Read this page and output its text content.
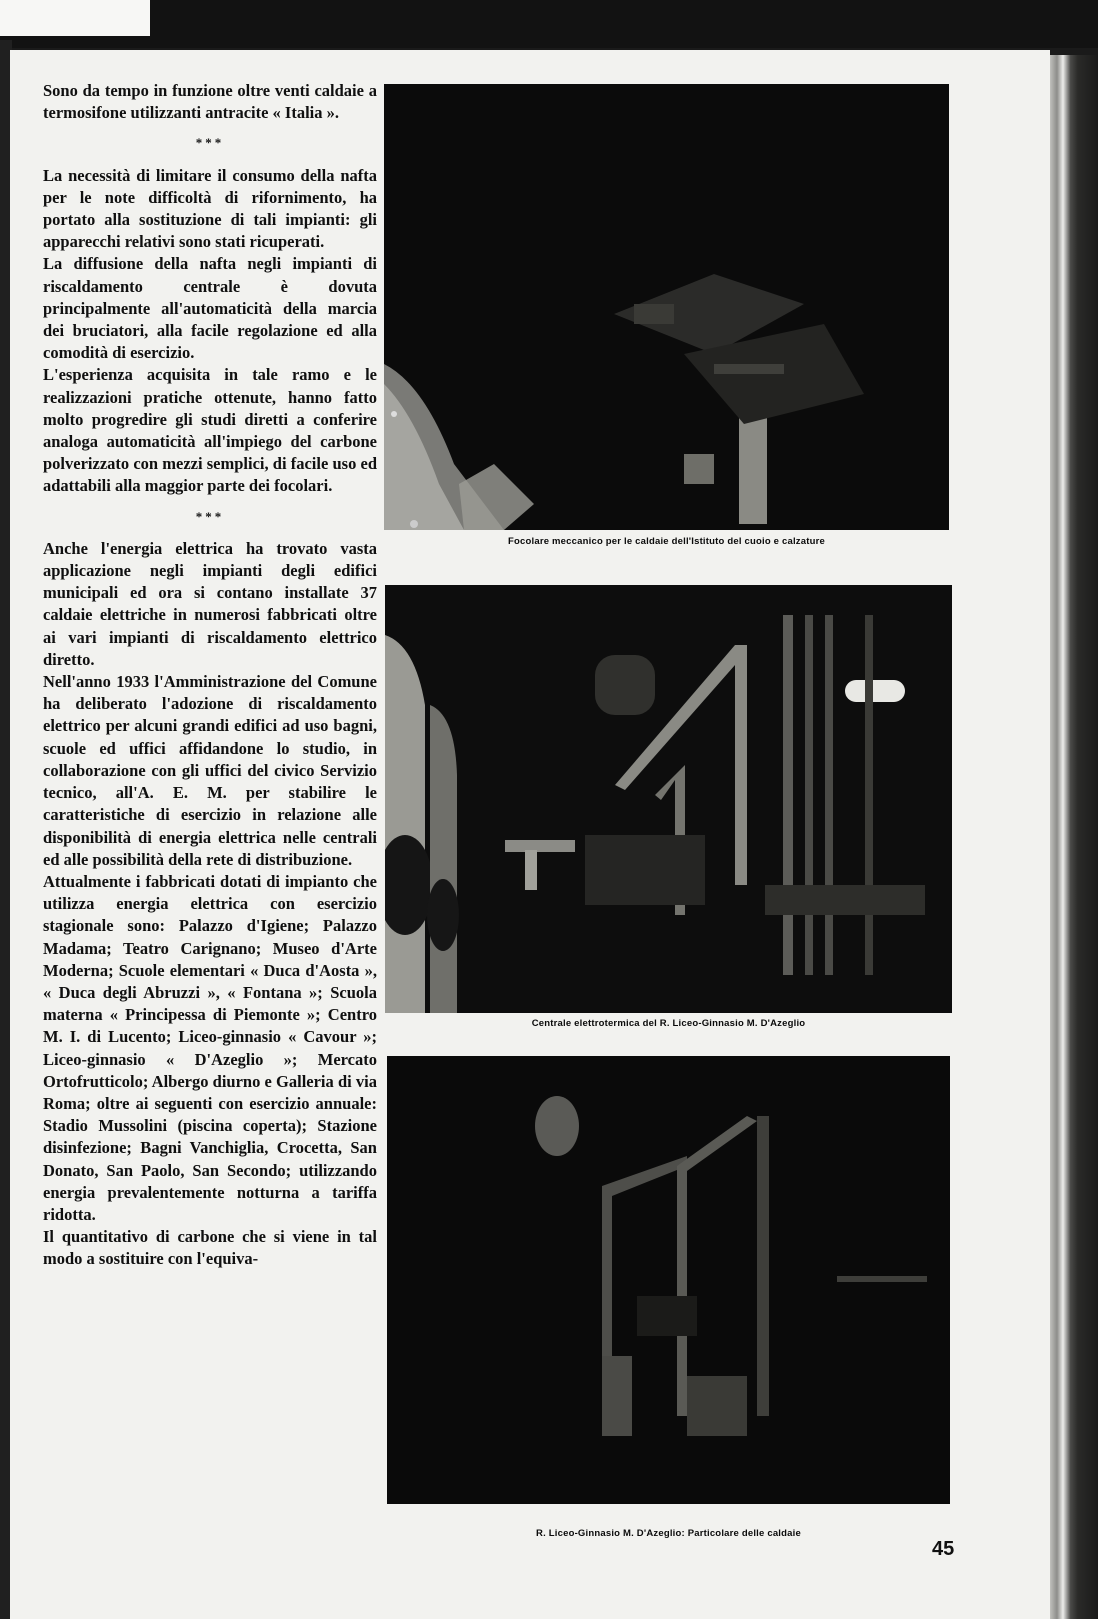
Sono da tempo in funzione oltre venti caldaie a termosifone utilizzanti antracite « Italia ».

***

La necessità di limitare il consumo della nafta per le note difficoltà di rifornimento, ha portato alla sostituzione di tali impianti: gli apparecchi relativi sono stati ricuperati.

La diffusione della nafta negli impianti di riscaldamento centrale è dovuta principalmente all'automaticità della marcia dei bruciatori, alla facile regolazione ed alla comodità di esercizio.

L'esperienza acquisita in tale ramo e le realizzazioni pratiche ottenute, hanno fatto molto progredire gli studi diretti a conferire analoga automaticità all'impiego del carbone polverizzato con mezzi semplici, di facile uso ed adattabili alla maggior parte dei focolari.

***

Anche l'energia elettrica ha trovato vasta applicazione negli impianti degli edifici municipali ed ora si contano installate 37 caldaie elettriche in numerosi fabbricati oltre ai vari impianti di riscaldamento elettrico diretto.

Nell'anno 1933 l'Amministrazione del Comune ha deliberato l'adozione di riscaldamento elettrico per alcuni grandi edifici ad uso bagni, scuole ed uffici affidandone lo studio, in collaborazione con gli uffici del civico Servizio tecnico, all'A. E. M. per stabilire le caratteristiche di esercizio in relazione alle disponibilità di energia elettrica nelle centrali ed alle possibilità della rete di distribuzione.

Attualmente i fabbricati dotati di impianto che utilizza energia elettrica con esercizio stagionale sono: Palazzo d'Igiene; Palazzo Madama; Teatro Carignano; Museo d'Arte Moderna; Scuole elementari « Duca d'Aosta », « Duca degli Abruzzi », « Fontana »; Scuola materna « Principessa di Piemonte »; Centro M. I. di Lucento; Liceo-ginnasio « Cavour »; Liceo-ginnasio « D'Azeglio »; Mercato Ortofrutticolo; Albergo diurno e Galleria di via Roma; oltre ai seguenti con esercizio annuale: Stadio Mussolini (piscina coperta); Stazione disinfezione; Bagni Vanchiglia, Crocetta, San Donato, San Paolo, San Secondo; utilizzando energia prevalentemente notturna a tariffa ridotta.

Il quantitativo di carbone che si viene in tal modo a sostituire con l'equiva-

Focolare meccanico per le caldaie dell'Istituto del cuoio e calzature
Centrale elettrotermica del R. Liceo-Ginnasio M. D'Azeglio
R. Liceo-Ginnasio M. D'Azeglio: Particolare delle caldaie
45
